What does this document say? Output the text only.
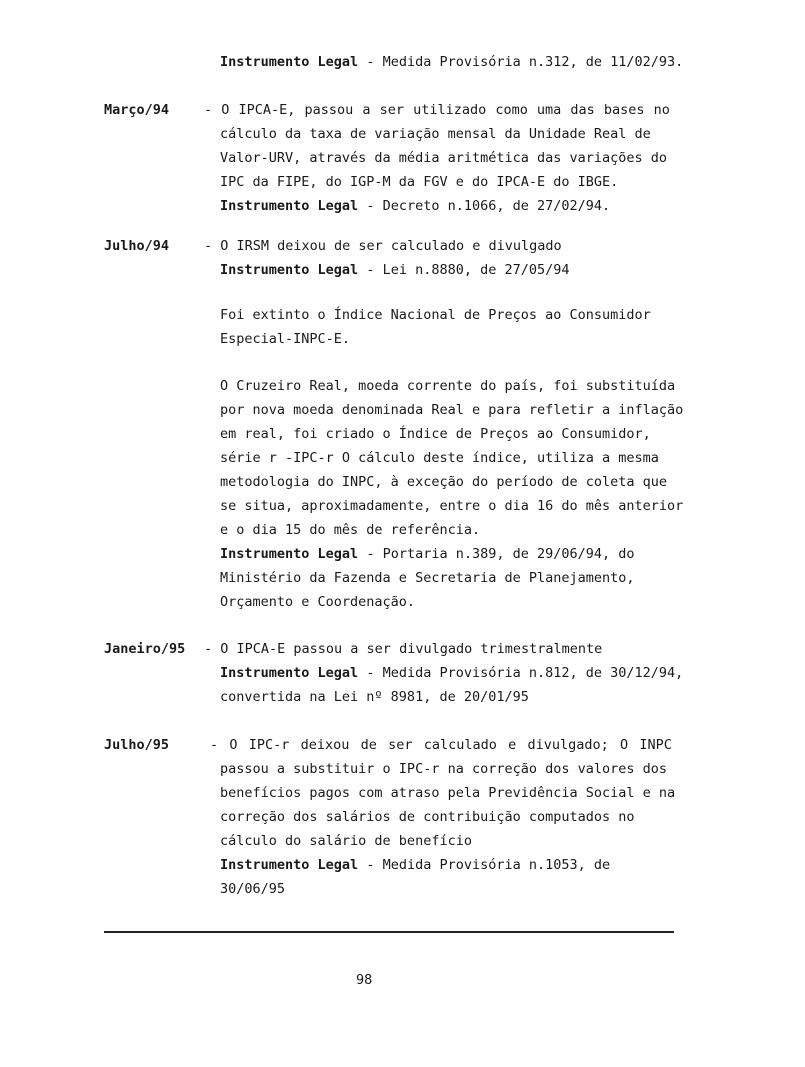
Instrumento Legal - Medida Provisória n.312, de 11/02/93.
Março/94	- O IPCA-E, passou a ser utilizado como uma das bases no
cálculo da taxa de variação mensal da Unidade Real de
Valor-URV, através da média aritmética das variações do
IPC da FIPE, do IGP-M da FGV e do IPCA-E do IBGE.
Instrumento Legal - Decreto n.1066, de 27/02/94.
Julho/94	- O IRSM deixou de ser calculado e divulgado
Instrumento Legal - Lei n.8880, de 27/05/94
Foi extinto o Índice Nacional de Preços ao Consumidor
Especial-INPC-E.
O Cruzeiro Real, moeda corrente do país, foi substituída
por nova moeda denominada Real e para refletir a inflação
em real, foi criado o Índice de Preços ao Consumidor,
série r -IPC-r O cálculo deste índice, utiliza a mesma
metodologia do INPC, à exceção do período de coleta que
se situa, aproximadamente, entre o dia 16 do mês anterior
e o dia 15 do mês de referência.
Instrumento Legal - Portaria n.389, de 29/06/94, do
Ministério da Fazenda e Secretaria de Planejamento,
Orçamento e Coordenação.
Janeiro/95 - O IPCA-E passou a ser divulgado trimestralmente
Instrumento Legal - Medida Provisória n.812, de 30/12/94,
convertida na Lei nº 8981, de 20/01/95
Julho/95	- O IPC-r deixou de ser calculado e divulgado; O INPC
passou a substituir o IPC-r na correção dos valores dos
benefícios pagos com atraso pela Previdência Social e na
correção dos salários de contribuição computados no
cálculo do salário de benefício
Instrumento Legal - Medida Provisória n.1053, de
30/06/95
98
